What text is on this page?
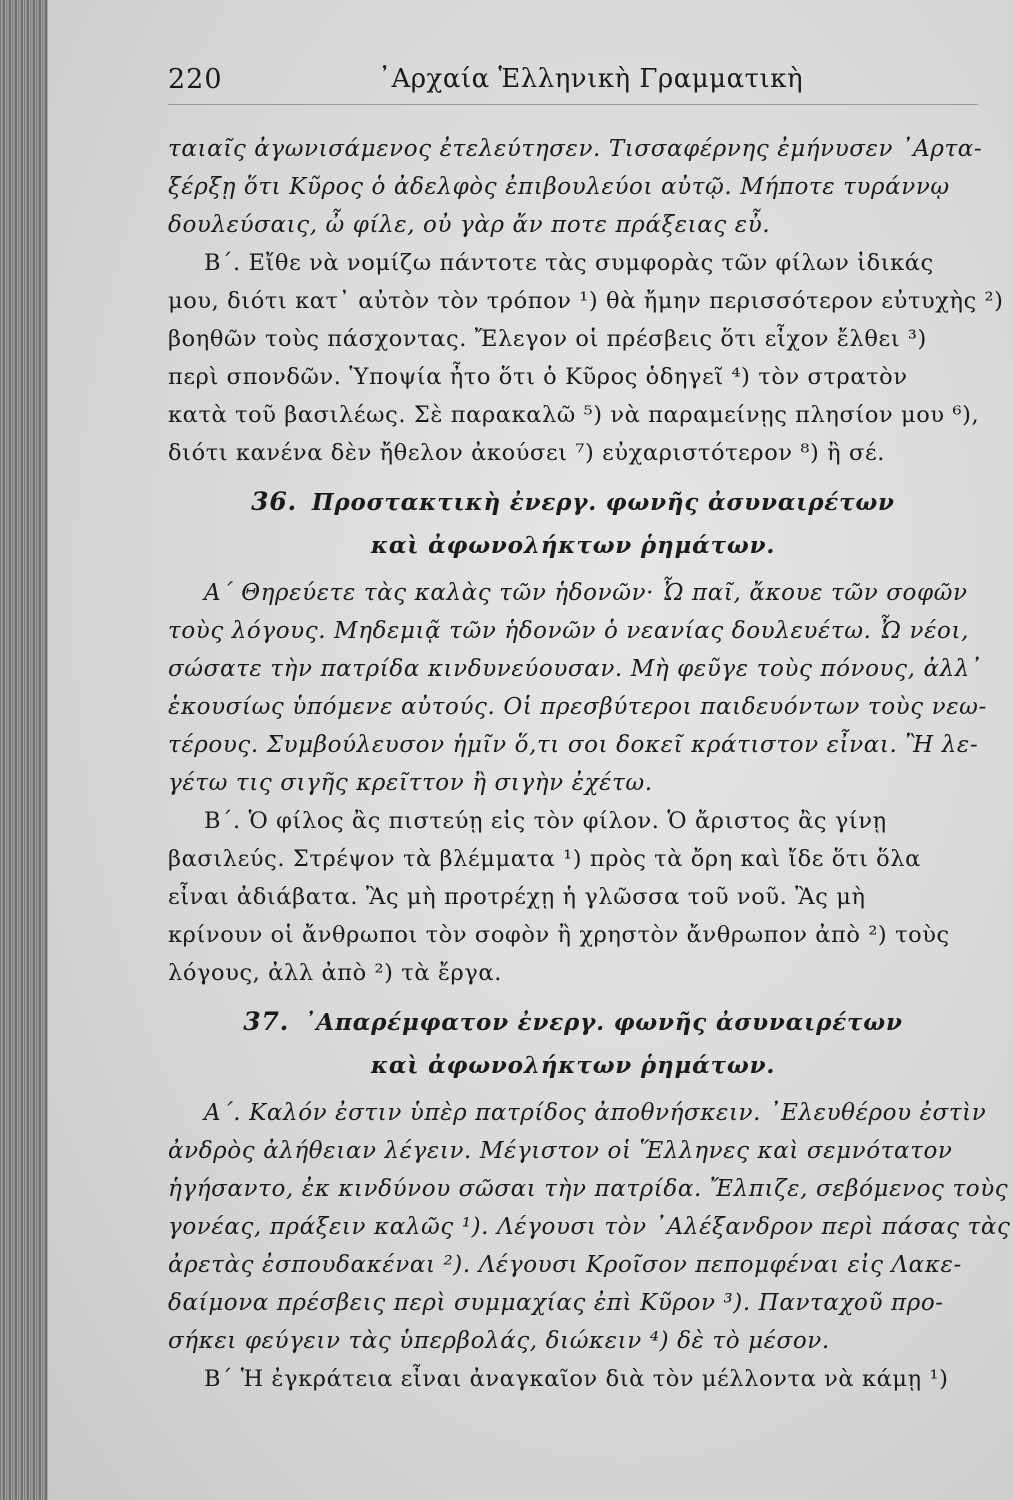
220	᾿Αρχαία Ἑλληνικὴ Γραμματικὴ
ταιαῖς ἀγωνισάμενος ἐτελεύτησεν. Τισσαφέρνης ἐμήνυσεν ᾿Αρτα-
ξέρξῃ ὅτι Κῦρος ὁ ἀδελφὸς ἐπιβουλεύοι αὐτῷ. Μήποτε τυράννῳ
δουλεύσαις, ὦ φίλε, οὐ γὰρ ἄν ποτε πράξειας εὖ.
Β΄. Εἴθε νὰ νομίζω πάντοτε τὰς συμφορὰς τῶν φίλων ἰδικάς
μου, διότι κατ᾿ αὐτὸν τὸν τρόπον ¹) θὰ ἤμην περισσότερον εὐτυχὴς ²)
βοηθῶν τοὺς πάσχοντας. Ἔλεγον οἱ πρέσβεις ὅτι εἶχον ἔλθει ³)
περὶ σπονδῶν. Ὑποψία ἦτο ὅτι ὁ Κῦρος ὁδηγεῖ ⁴) τὸν στρατὸν
κατὰ τοῦ βασιλέως. Σὲ παρακαλῶ ⁵) νὰ παραμείνῃς πλησίον μου ⁶),
διότι κανένα δὲν ἤθελον ἀκούσει ⁷) εὐχαριστότερον ⁸) ἢ σέ.
36. Προστακτικὴ ἐνεργ. φωνῆς ἀσυναιρέτων
καὶ ἀφωνολήκτων ῥημάτων.
Α΄ Θηρεύετε τὰς καλὰς τῶν ἡδονῶν· Ὦ παῖ, ἄκουε τῶν σοφῶν
τοὺς λόγους. Μηδεμιᾷ τῶν ἡδονῶν ὁ νεανίας δουλευέτω. Ὦ νέοι,
σώσατε τὴν πατρίδα κινδυνεύουσαν. Μὴ φεῦγε τοὺς πόνους, ἀλλ᾿
ἑκουσίως ὑπόμενε αὐτούς. Οἱ πρεσβύτεροι παιδευόντων τοὺς νεω-
τέρους. Συμβούλευσον ἡμῖν ὅ,τι σοι δοκεῖ κράτιστον εἶναι. Ἢ λε-
γέτω τις σιγῆς κρεῖττον ἢ σιγὴν ἐχέτω.
Β΄. Ὁ φίλος ἂς πιστεύῃ εἰς τὸν φίλον. Ὁ ἄριστος ἂς γίνῃ
βασιλεύς. Στρέψον τὰ βλέμματα ¹) πρὸς τὰ ὄρη καὶ ἴδε ὅτι ὅλα
εἶναι ἀδιάβατα. Ἂς μὴ προτρέχῃ ἡ γλῶσσα τοῦ νοῦ. Ἂς μὴ
κρίνουν οἱ ἄνθρωποι τὸν σοφὸν ἢ χρηστὸν ἄνθρωπον ἀπὸ ²) τοὺς
λόγους, ἀλλ ἀπὸ ²) τὰ ἔργα.
37. ᾿Απαρέμφατον ἐνεργ. φωνῆς ἀσυναιρέτων
καὶ ἀφωνολήκτων ῥημάτων.
Α΄. Καλόν ἐστιν ὑπὲρ πατρίδος ἀποθνήσκειν. ᾿Ελευθέρου ἐστὶν
ἀνδρὸς ἀλήθειαν λέγειν. Μέγιστον οἱ Ἕλληνες καὶ σεμνότατον
ἡγήσαντο, ἐκ κινδύνου σῶσαι τὴν πατρίδα. Ἔλπιζε, σεβόμενος τοὺς
γονέας, πράξειν καλῶς ¹). Λέγουσι τὸν ᾿Αλέξανδρον περὶ πάσας τὰς
ἀρετὰς ἐσπουδακέναι ²). Λέγουσι Κροῖσον πεπομφέναι εἰς Λακε-
δαίμονα πρέσβεις περὶ συμμαχίας ἐπὶ Κῦρον ³). Πανταχοῦ προ-
σήκει φεύγειν τὰς ὑπερβολάς, διώκειν ⁴) δὲ τὸ μέσον.
Β΄ Ἡ ἐγκράτεια εἶναι ἀναγκαῖον διὰ τὸν μέλλοντα νὰ κάμῃ ¹)
